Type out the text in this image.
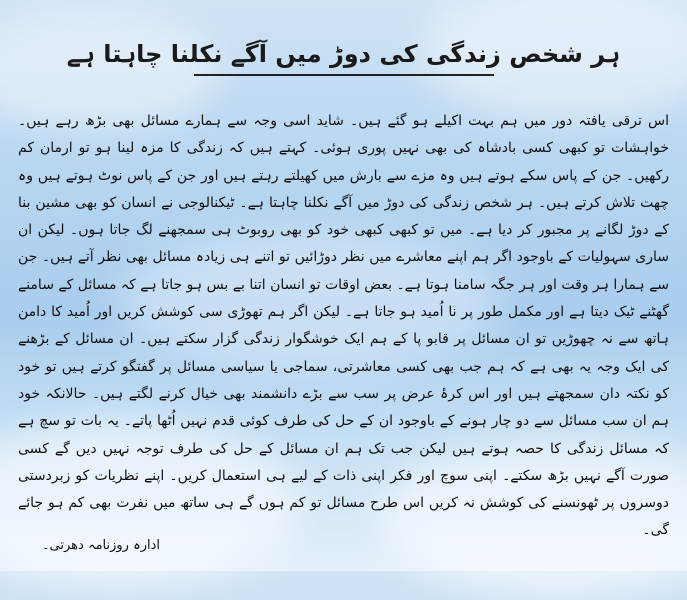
ہر شخص زندگی کی دوڑ میں آگے نکلنا چاہتا ہے
اس ترقی یافتہ دور میں ہم بہت اکیلے ہو گئے ہیں۔ شاید اسی وجہ سے ہمارے مسائل بھی بڑھ رہے ہیں۔ خواہشات تو کبھی کسی بادشاہ کی بھی نہیں پوری ہوئی۔ کہتے ہیں کہ زندگی کا مزہ لینا ہو تو ارمان کم رکھیں۔ جن کے پاس سکے ہوتے ہیں وہ مزے سے بارش میں کھیلتے رہتے ہیں اور جن کے پاس نوٹ ہوتے ہیں وہ چھت تلاش کرتے ہیں۔ ہر شخص زندگی کی دوڑ میں آگے نکلنا چاہتا ہے۔ ٹیکنالوجی نے انسان کو بھی مشین بنا کے دوڑ لگانے پر مجبور کر دیا ہے۔ میں تو کبھی کبھی خود کو بھی روبوٹ ہی سمجھنے لگ جاتا ہوں۔ لیکن ان ساری سہولیات کے باوجود اگر ہم اپنے معاشرے میں نظر دوڑائیں تو اتنے ہی زیادہ مسائل بھی نظر آتے ہیں۔ جن سے ہمارا ہر وقت اور ہر جگہ سامنا ہوتا ہے۔ بعض اوقات تو انسان اتنا بے بس ہو جاتا ہے کہ مسائل کے سامنے گھٹنے ٹیک دیتا ہے اور مکمل طور پر نا اُمید ہو جاتا ہے۔ لیکن اگر ہم تھوڑی سی کوشش کریں اور اُمید کا دامن ہاتھ سے نہ چھوڑیں تو ان مسائل پر قابو پا کے ہم ایک خوشگوار زندگی گزار سکتے ہیں۔ ان مسائل کے بڑھنے کی ایک وجہ یہ بھی ہے کہ ہم جب بھی کسی معاشرتی، سماجی یا سیاسی مسائل پر گفتگو کرتے ہیں تو خود کو نکتہ دان سمجھتے ہیں اور اس کرۂ عرض پر سب سے بڑے دانشمند بھی خیال کرنے لگتے ہیں۔ حالانکہ خود ہم ان سب مسائل سے دو چار ہونے کے باوجود ان کے حل کی طرف کوئی قدم نہیں اُٹھا پاتے۔ یہ بات تو سچ ہے کہ مسائل زندگی کا حصہ ہوتے ہیں لیکن جب تک ہم ان مسائل کے حل کی طرف توجہ نہیں دیں گے کسی صورت آگے نہیں بڑھ سکتے۔ اپنی سوچ اور فکر اپنی ذات کے لیے ہی استعمال کریں۔ اپنے نظریات کو زبردستی دوسروں پر ٹھونسنے کی کوشش نہ کریں اس طرح مسائل تو کم ہوں گے ہی ساتھ میں نفرت بھی کم ہو جائے گی۔
ادارہ روزنامہ دھرتی۔
